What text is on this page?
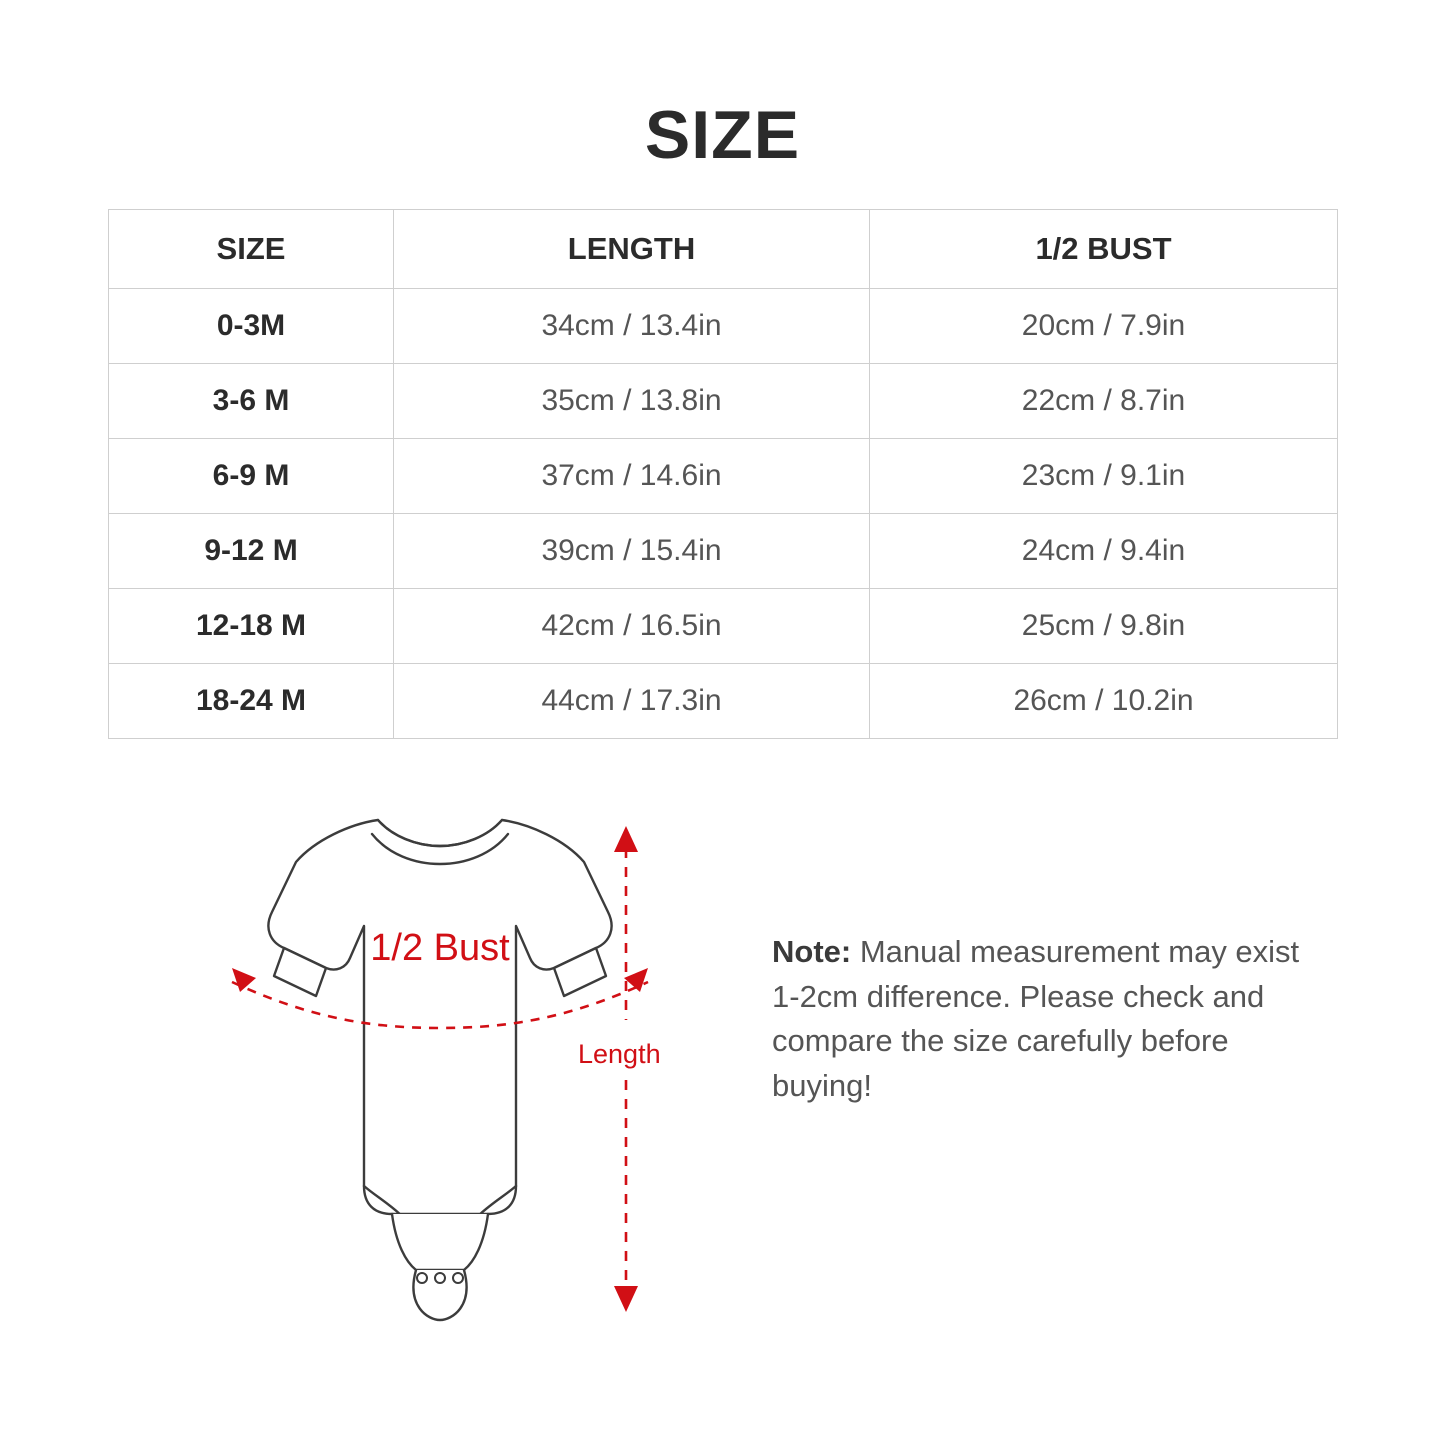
SIZE
SIZE	LENGTH	1/2 BUST
0-3M	34cm / 13.4in	20cm / 7.9in
3-6 M	35cm / 13.8in	22cm / 8.7in
6-9 M	37cm / 14.6in	23cm / 9.1in
9-12 M	39cm / 15.4in	24cm / 9.4in
12-18 M	42cm / 16.5in	25cm / 9.8in
18-24 M	44cm / 17.3in	26cm / 10.2in
1/2 Bust
Length
Note: Manual measurement may exist 1-2cm difference. Please check and compare the size carefully before buying!
